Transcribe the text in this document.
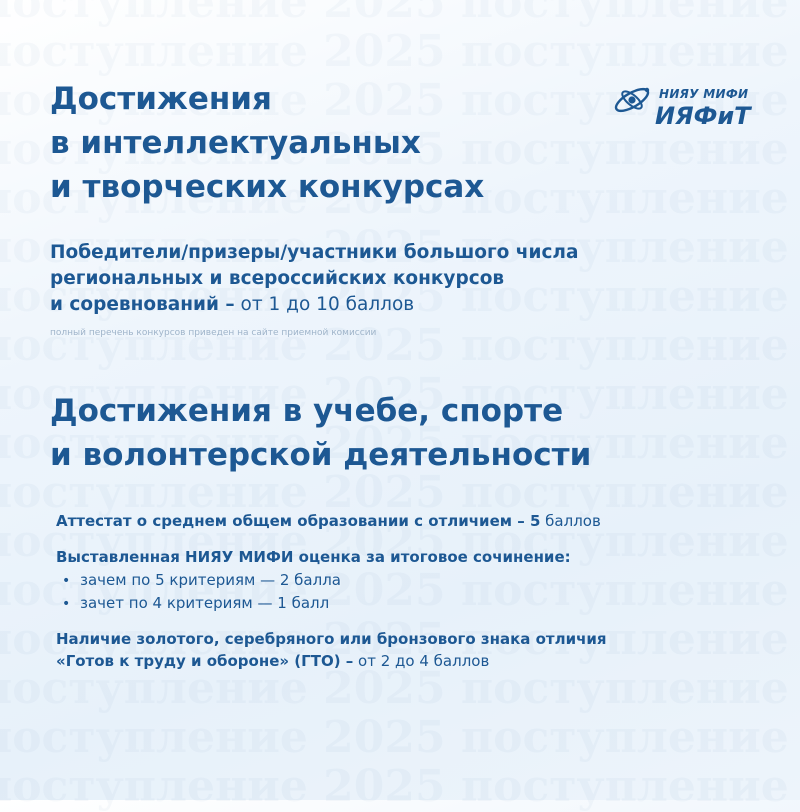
НИЯУ МИФИ
ИЯФиТ
Достижения
в интеллектуальных
и творческих конкурсах
Победители/призеры/участники большого числа
региональных и всероссийских конкурсов
и соревнований – от 1 до 10 баллов
полный перечень конкурсов приведен на сайте приемной комиссии
Достижения в учебе, спорте
и волонтерской деятельности
Аттестат о среднем общем образовании с отличием – 5 баллов
Выставленная НИЯУ МИФИ оценка за итоговое сочинение:
• зачем по 5 критериям — 2 балла
• зачет по 4 критериям — 1 балл
Наличие золотого, серебряного или бронзового знака отличия
«Готов к труду и обороне» (ГТО) – от 2 до 4 баллов
